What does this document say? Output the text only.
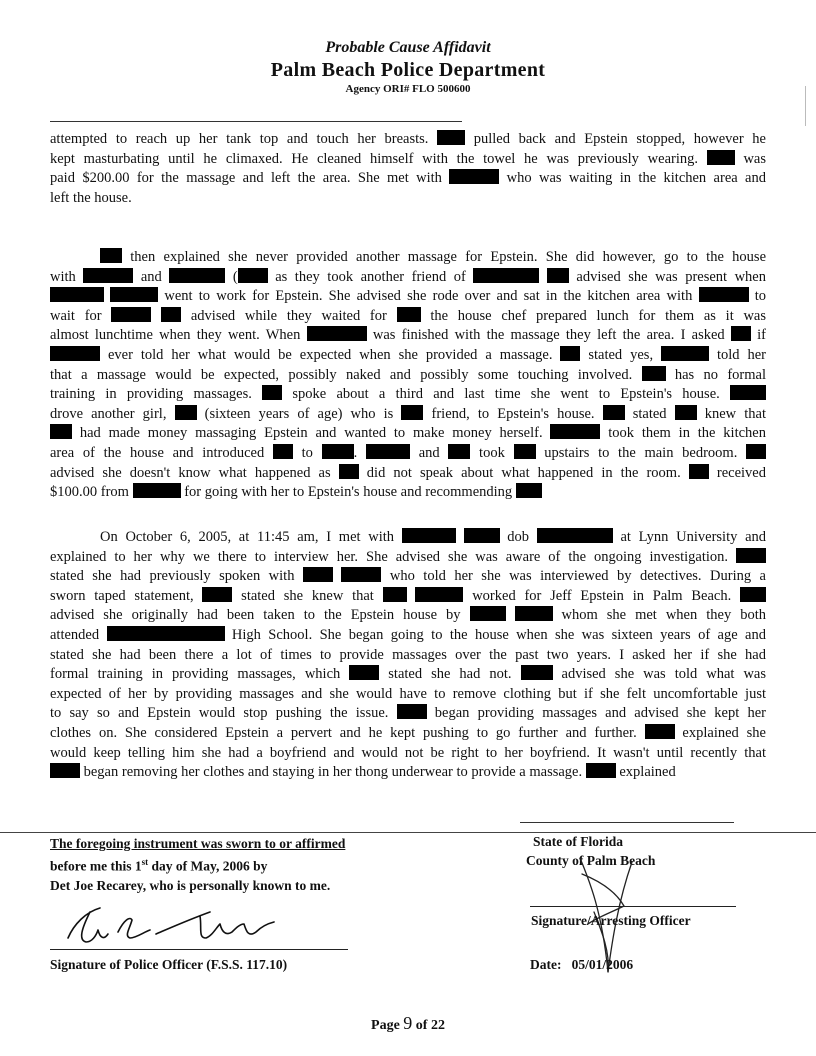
Probable Cause Affidavit
Palm Beach Police Department
Agency ORI# FLO 500600
attempted to reach up her tank top and touch her breasts.  pulled back and Epstein stopped, however he
kept masturbating until he climaxed. He cleaned himself with the towel he was previously wearing.  was
paid $200.00 for the massage and left the area. She met with	who was waiting in the kitchen area and
left the house.
then explained she never provided another massage for Epstein. She did however, go to the house
with	and	( as they took another friend of	advised she was present when
went to work for Epstein. She advised she rode over and sat in the kitchen area with	to
wait for	advised while they waited for  the house chef prepared lunch for them as it was
almost lunchtime when they went. When	was finished with the massage they left the area. I asked  if
ever told her what would be expected when she provided a massage.  stated yes,	told her
that a massage would be expected, possibly naked and possibly some touching involved.  has no formal
training in providing massages.  spoke about a third and last time she went to Epstein's house.
drove another girl,  (sixteen years of age) who is  friend, to Epstein's house.  stated  knew that
had made money massaging Epstein and wanted to make money herself.	took them in the kitchen
area of the house and introduced  to .	and  took  upstairs to the main bedroom.
advised she doesn't know what happened as  did not speak about what happened in the room.  received
$100.00 from	for going with her to Epstein's house and recommending
On October 6, 2005, at 11:45 am, I met with	dob	at Lynn University and
explained to her why we there to interview her. She advised she was aware of the ongoing investigation.
stated she had previously spoken with	who told her she was interviewed by detectives. During a
sworn taped statement,  stated she knew that	worked for Jeff Epstein in Palm Beach.
advised she originally had been taken to the Epstein house by	whom she met when they both
attended	High School. She began going to the house when she was sixteen years of age and
stated she had been there a lot of times to provide massages over the past two years. I asked her if she had
formal training in providing massages, which  stated she had not.  advised she was told what was
expected of her by providing massages and she would have to remove clothing but if she felt uncomfortable just
to say so and Epstein would stop pushing the issue.  began providing massages and advised she kept her
clothes on. She considered Epstein a pervert and he kept pushing to go further and further.  explained she
would keep telling him she had a boyfriend and would not be right to her boyfriend. It wasn't until recently that
began removing her clothes and staying in her thong underwear to provide a massage.  explained
The foregoing instrument was sworn to or affirmed
before me this 1st day of May, 2006 by
Det Joe Recarey, who is personally known to me.
Signature of Police Officer (F.S.S. 117.10)
State of Florida
County of Palm Beach
Signature/Arresting Officer
Date: 05/01/2006
Page 9 of 22
